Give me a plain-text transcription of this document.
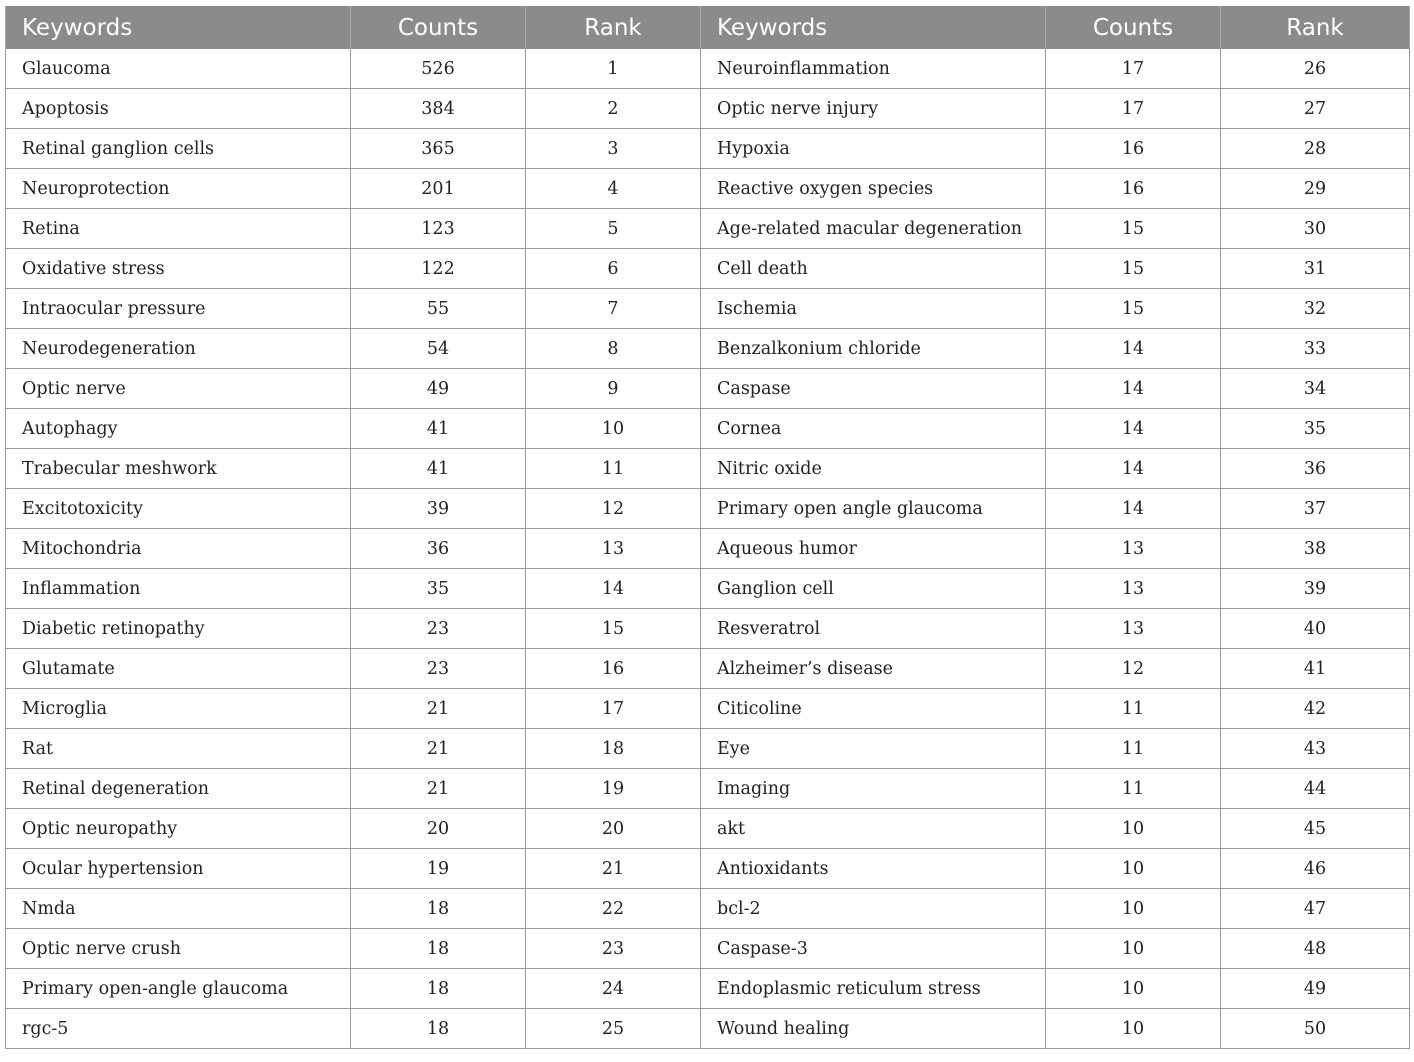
Keywords	Counts	Rank	Keywords	Counts	Rank
Glaucoma	526	1	Neuroinflammation	17	26
Apoptosis	384	2	Optic nerve injury	17	27
Retinal ganglion cells	365	3	Hypoxia	16	28
Neuroprotection	201	4	Reactive oxygen species	16	29
Retina	123	5	Age-related macular degeneration	15	30
Oxidative stress	122	6	Cell death	15	31
Intraocular pressure	55	7	Ischemia	15	32
Neurodegeneration	54	8	Benzalkonium chloride	14	33
Optic nerve	49	9	Caspase	14	34
Autophagy	41	10	Cornea	14	35
Trabecular meshwork	41	11	Nitric oxide	14	36
Excitotoxicity	39	12	Primary open angle glaucoma	14	37
Mitochondria	36	13	Aqueous humor	13	38
Inflammation	35	14	Ganglion cell	13	39
Diabetic retinopathy	23	15	Resveratrol	13	40
Glutamate	23	16	Alzheimer’s disease	12	41
Microglia	21	17	Citicoline	11	42
Rat	21	18	Eye	11	43
Retinal degeneration	21	19	Imaging	11	44
Optic neuropathy	20	20	akt	10	45
Ocular hypertension	19	21	Antioxidants	10	46
Nmda	18	22	bcl-2	10	47
Optic nerve crush	18	23	Caspase-3	10	48
Primary open-angle glaucoma	18	24	Endoplasmic reticulum stress	10	49
rgc-5	18	25	Wound healing	10	50
